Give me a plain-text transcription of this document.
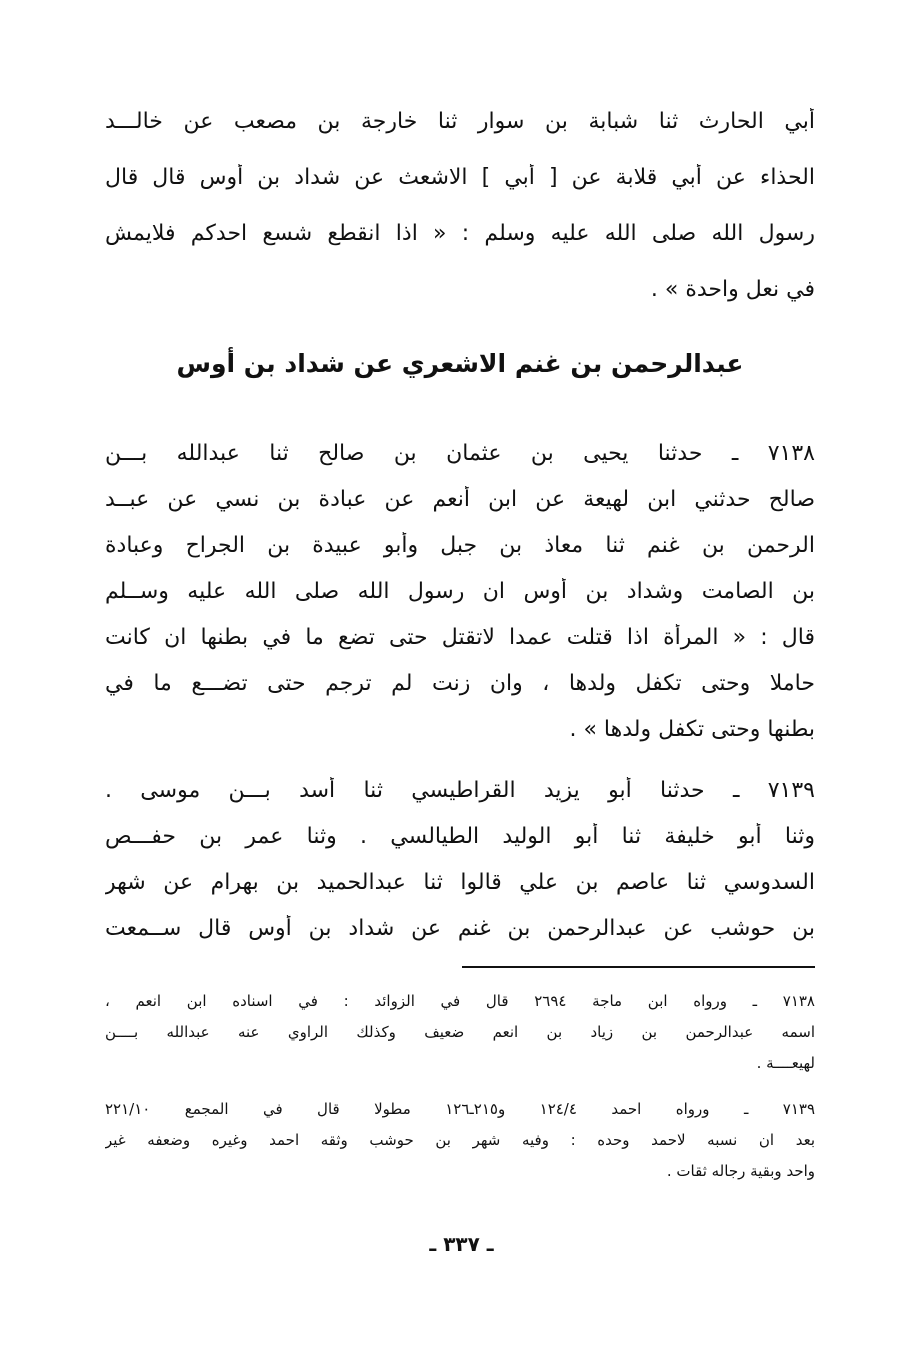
أبي الحارث ثنا شبابة بن سوار ثنا خارجة بن مصعب عن خالـــد
الحذاء عن أبي قلابة عن [ أبي ] الاشعث عن شداد بن أوس قال قال
رسول الله صلى الله عليه وسلم : « اذا انقطع شسع احدكم فلايمش
في نعل واحدة » .
عبدالرحمن بن غنم الاشعري عن شداد بن أوس
٧١٣٨ ـ حدثنا يحيى بن عثمان بن صالح ثنا عبدالله بـــن
صالح حدثني ابن لهيعة عن ابن أنعم عن عبادة بن نسي عن عبــد
الرحمن بن غنم ثنا معاذ بن جبل وأبو عبيدة بن الجراح وعبادة
بن الصامت وشداد بن أوس ان رسول الله صلى الله عليه وســلم
قال : « المرأة اذا قتلت عمدا لاتقتل حتى تضع ما في بطنها ان كانت
حاملا وحتى تكفل ولدها ، وان زنت لم ترجم حتى تضـــع ما في
بطنها وحتى تكفل ولدها » .
٧١٣٩ ـ حدثنا أبو يزيد القراطيسي ثنا أسد بـــن موسى .
وثنا أبو خليفة ثنا أبو الوليد الطيالسي . وثنا عمر بن حفـــص
السدوسي ثنا عاصم بن علي قالوا ثنا عبدالحميد بن بهرام عن شهر
بن حوشب عن عبدالرحمن بن غنم عن شداد بن أوس قال ســمعت
٧١٣٨ ـ ورواه ابن ماجة ٢٦٩٤ قال في الزوائد : في اسناده ابن انعم ،
اسمه عبدالرحمن بن زياد بن انعم ضعيف وكذلك الراوي عنه عبدالله بــــن
لهيعــــة .
٧١٣٩ ـ ورواه احمد ١٢٤/٤ و٢١٥ـ١٢٦ مطولا قال في المجمع ٢٢١/١٠
بعد ان نسبه لاحمد وحده : وفيه شهر بن حوشب وثقه احمد وغيره وضعفه غير
واحد وبقية رجاله ثقات .
ـ ٣٣٧ ـ
